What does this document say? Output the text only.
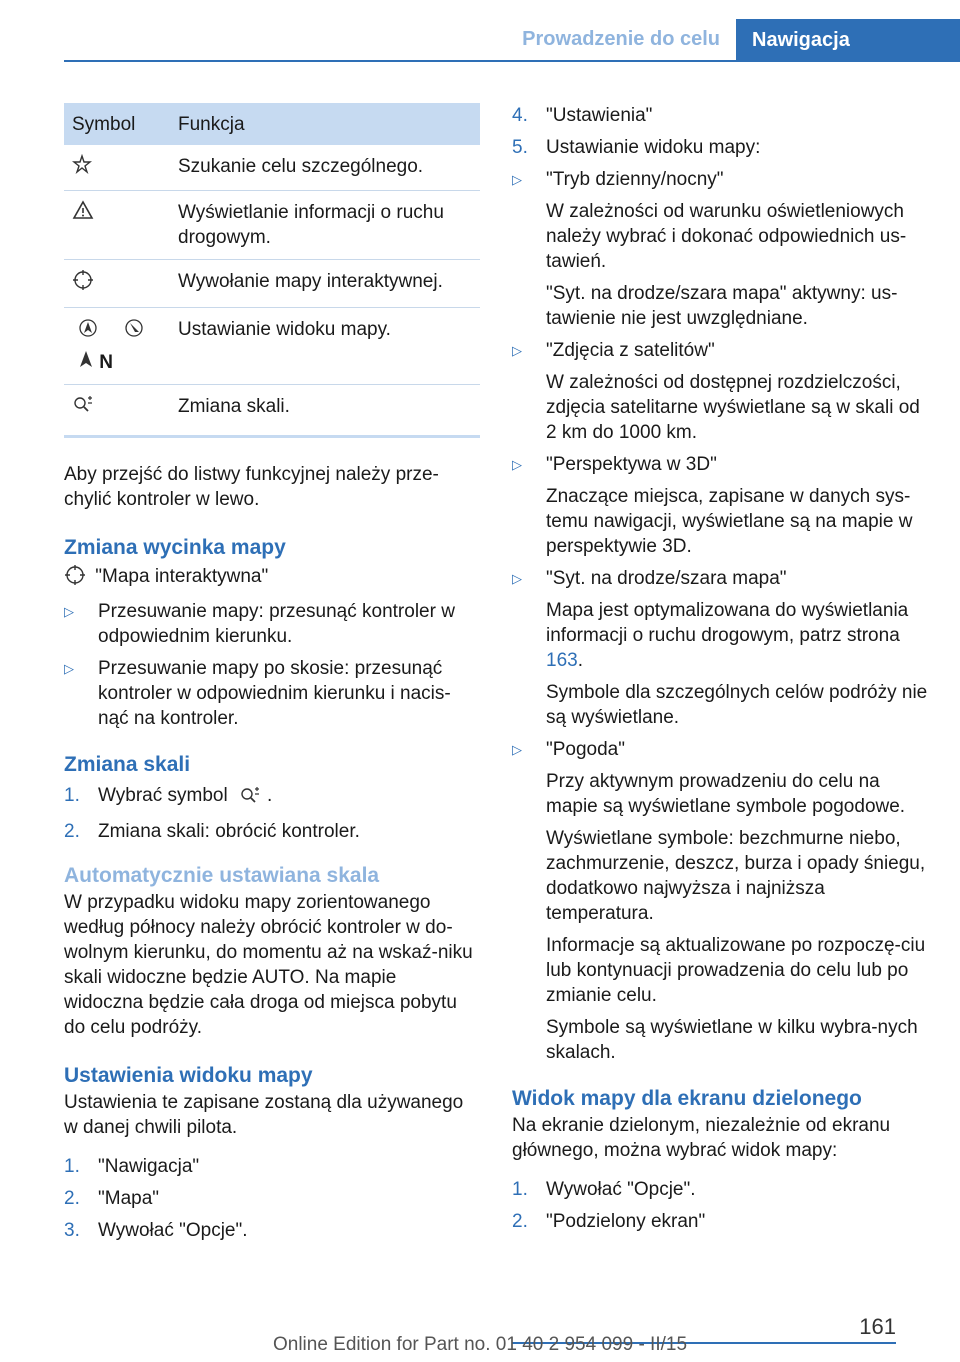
Prowadzenie do celu	Nawigacja
Symbol	Funkcja
	Szukanie celu szczególnego.
	Wyświetlanie informacji o ruchu drogowym.
	Wywołanie mapy interaktywnej.

N	Ustawianie widoku mapy.
	Zmiana skali.

Aby przejść do listwy funkcyjnej należy prze-chylić kontroler w lewo.

Zmiana wycinka mapy

"Mapa interaktywna"

▷ Przesuwanie mapy: przesunąć kontroler w odpowiednim kierunku.
▷ Przesuwanie mapy po skosie: przesunąć kontroler w odpowiednim kierunku i nacis-nąć na kontroler.
Zmiana skali
1. Wybrać symbol .
2. Zmiana skali: obrócić kontroler.
Automatycznie ustawiana skala

W przypadku widoku mapy zorientowanego według północy należy obrócić kontroler w do-wolnym kierunku, do momentu aż na wskaź-niku skali widoczne będzie AUTO. Na mapie widoczna będzie cała droga od miejsca pobytu do celu podróży.

Ustawienia widoku mapy

Ustawienia te zapisane zostaną dla używanego w danej chwili pilota.

1. "Nawigacja"
2. "Mapa"
3. Wywołać "Opcje".
4. "Ustawienia"
5. Ustawianie widoku mapy:
▷ "Tryb dzienny/nocny"

W zależności od warunku oświetleniowych należy wybrać i dokonać odpowiednich us-tawień.

"Syt. na drodze/szara mapa" aktywny: us-tawienie nie jest uwzględniane.

▷ "Zdjęcia z satelitów"

W zależności od dostępnej rozdzielczości, zdjęcia satelitarne wyświetlane są w skali od 2 km do 1000 km.

▷ "Perspektywa w 3D"

Znaczące miejsca, zapisane w danych sys-temu nawigacji, wyświetlane są na mapie w perspektywie 3D.

▷ "Syt. na drodze/szara mapa"

Mapa jest optymalizowana do wyświetlania informacji o ruchu drogowym, patrz strona 163.

Symbole dla szczególnych celów podróży nie są wyświetlane.

▷ "Pogoda"

Przy aktywnym prowadzeniu do celu na mapie są wyświetlane symbole pogodowe.

Wyświetlane symbole: bezchmurne niebo, zachmurzenie, deszcz, burza i opady śniegu, dodatkowo najwyższa i najniższa temperatura.

Informacje są aktualizowane po rozpoczę-ciu lub kontynuacji prowadzenia do celu lub po zmianie celu.

Symbole są wyświetlane w kilku wybra-nych skalach.

Widok mapy dla ekranu dzielonego

Na ekranie dzielonym, niezależnie od ekranu głównego, można wybrać widok mapy:

1. Wywołać "Opcje".
2. "Podzielony ekran"
161
Online Edition for Part no. 01 40 2 954 099 - II/15
